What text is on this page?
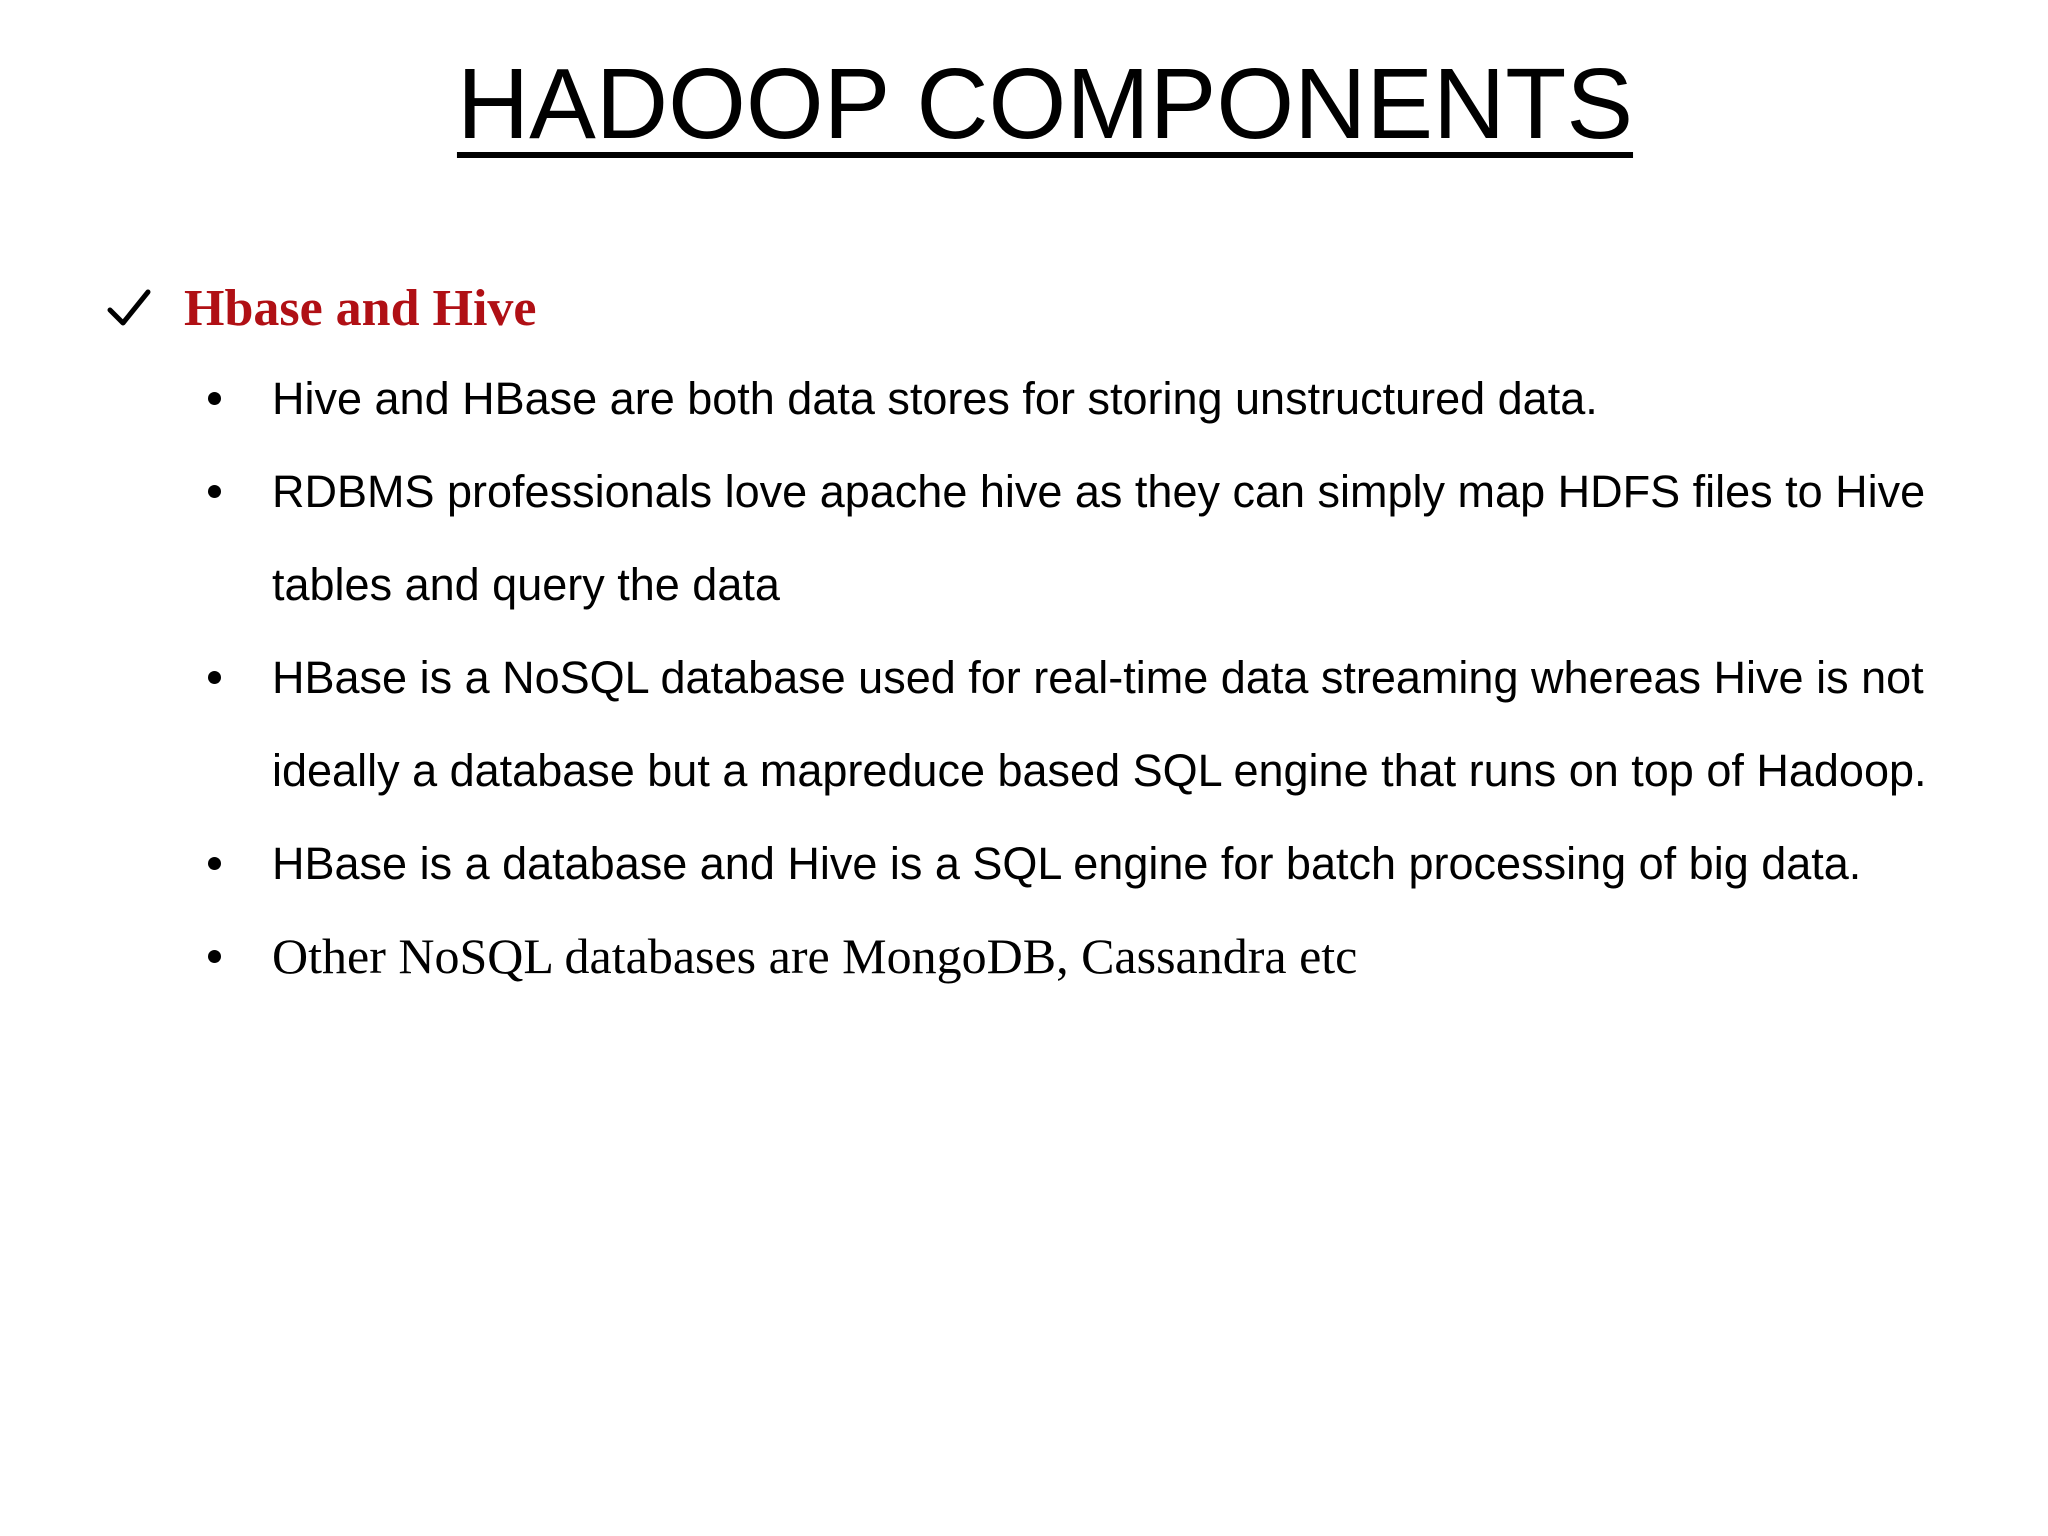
HADOOP COMPONENTS
Hbase and Hive
Hive and HBase are both data stores for storing unstructured data.
RDBMS professionals love apache hive as they can simply map HDFS files to Hive tables and query the data
HBase is a NoSQL database used for real-time data streaming whereas Hive is not ideally a database but a mapreduce based SQL engine that runs on top of Hadoop.
HBase is a database and Hive is a SQL engine for batch processing of big data.
Other NoSQL databases are MongoDB, Cassandra etc
